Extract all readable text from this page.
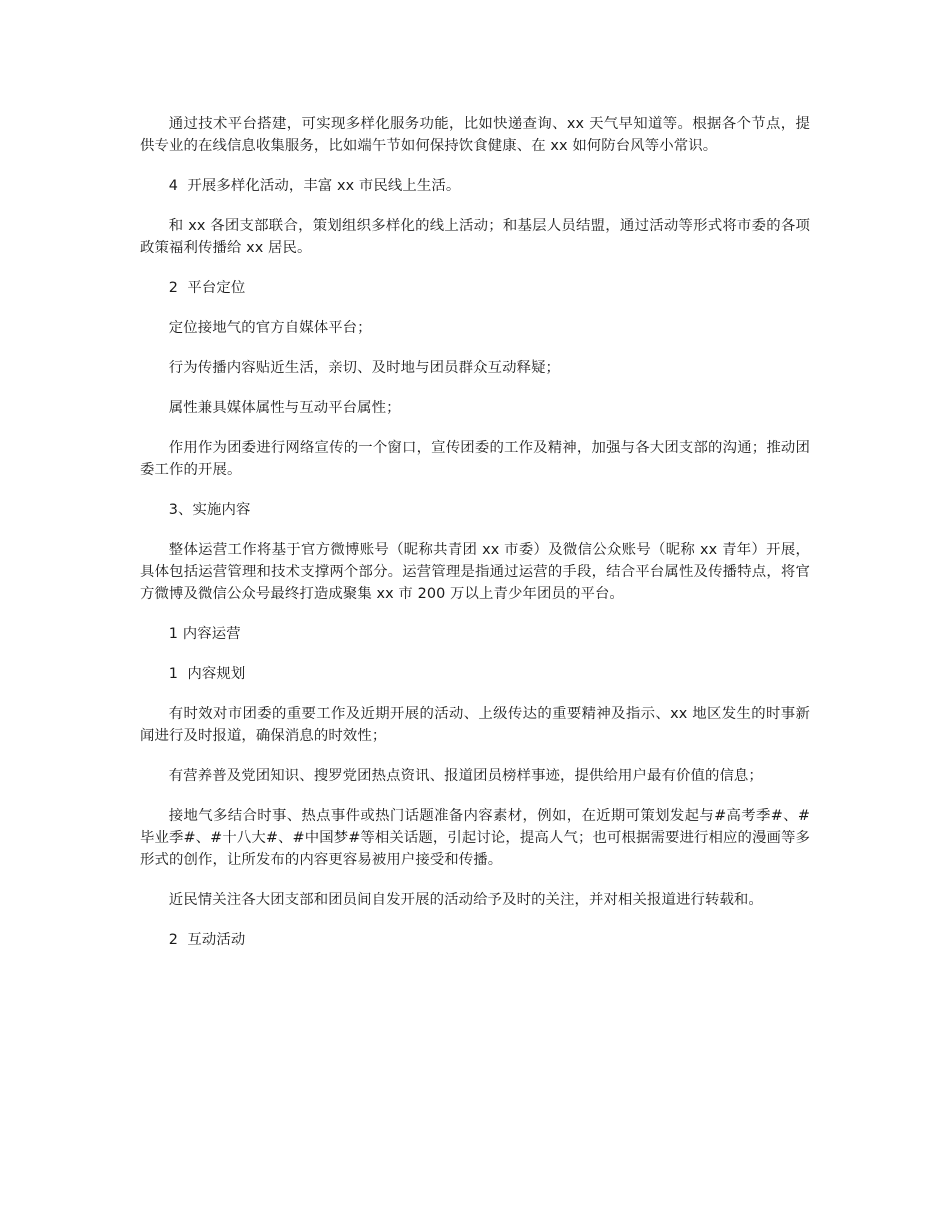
通过技术平台搭建，可实现多样化服务功能，比如快递查询、xx 天气早知道等。根据各个节点，提供专业的在线信息收集服务，比如端午节如何保持饮食健康、在 xx 如何防台风等小常识。

4  开展多样化活动，丰富 xx 市民线上生活。

和 xx 各团支部联合，策划组织多样化的线上活动；和基层人员结盟，通过活动等形式将市委的各项政策福利传播给 xx 居民。

2  平台定位

定位接地气的官方自媒体平台；

行为传播内容贴近生活，亲切、及时地与团员群众互动释疑；

属性兼具媒体属性与互动平台属性；

作用作为团委进行网络宣传的一个窗口，宣传团委的工作及精神，加强与各大团支部的沟通；推动团委工作的开展。

3、实施内容

整体运营工作将基于官方微博账号（昵称共青团 xx 市委）及微信公众账号（昵称 xx 青年）开展，具体包括运营管理和技术支撑两个部分。运营管理是指通过运营的手段，结合平台属性及传播特点，将官方微博及微信公众号最终打造成聚集 xx 市 200 万以上青少年团员的平台。

1 内容运营

1  内容规划

有时效对市团委的重要工作及近期开展的活动、上级传达的重要精神及指示、xx 地区发生的时事新闻进行及时报道，确保消息的时效性；

有营养普及党团知识、搜罗党团热点资讯、报道团员榜样事迹，提供给用户最有价值的信息；

接地气多结合时事、热点事件或热门话题准备内容素材，例如，在近期可策划发起与#高考季#、#毕业季#、#十八大#、#中国梦#等相关话题，引起讨论，提高人气；也可根据需要进行相应的漫画等多形式的创作，让所发布的内容更容易被用户接受和传播。

近民情关注各大团支部和团员间自发开展的活动给予及时的关注，并对相关报道进行转载和。

2  互动活动
